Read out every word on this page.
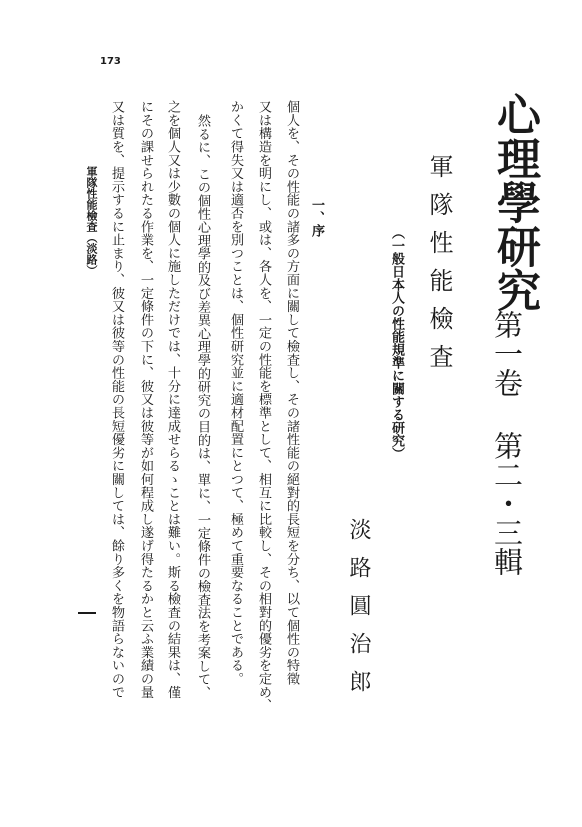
173
心理學研究
第一卷 第二・三輯
軍隊性能檢査
（一般日本人の性能規準に關する研究）
淡路圓治郎
一、序
個人を、その性能の諸多の方面に關して檢査し、その諸性能の絕對的長短を分ち、以て個性の特徵
又は構造を明にし、或は、各人を、一定の性能を標準として、相互に比較し、その相對的優劣を定め、
かくて得失又は適否を別つことは、個性研究並に適材配置にとつて、極めて重要なることである。
然るに、この個性心理學的及び差異心理學的研究の目的は、單に、一定條件の檢査法を考案して、
之を個人又は少數の個人に施しただけでは、十分に達成せらるゝことは難い。斯る檢査の結果は、僅
にその課せられたる作業を、一定條件の下に、彼又は彼等が如何程成し遂げ得たるかと云ふ業績の量
又は質を、提示するに止まり、彼又は彼等の性能の長短優劣に關しては、餘り多くを物語らないので
軍隊性能檢査（淡路）
